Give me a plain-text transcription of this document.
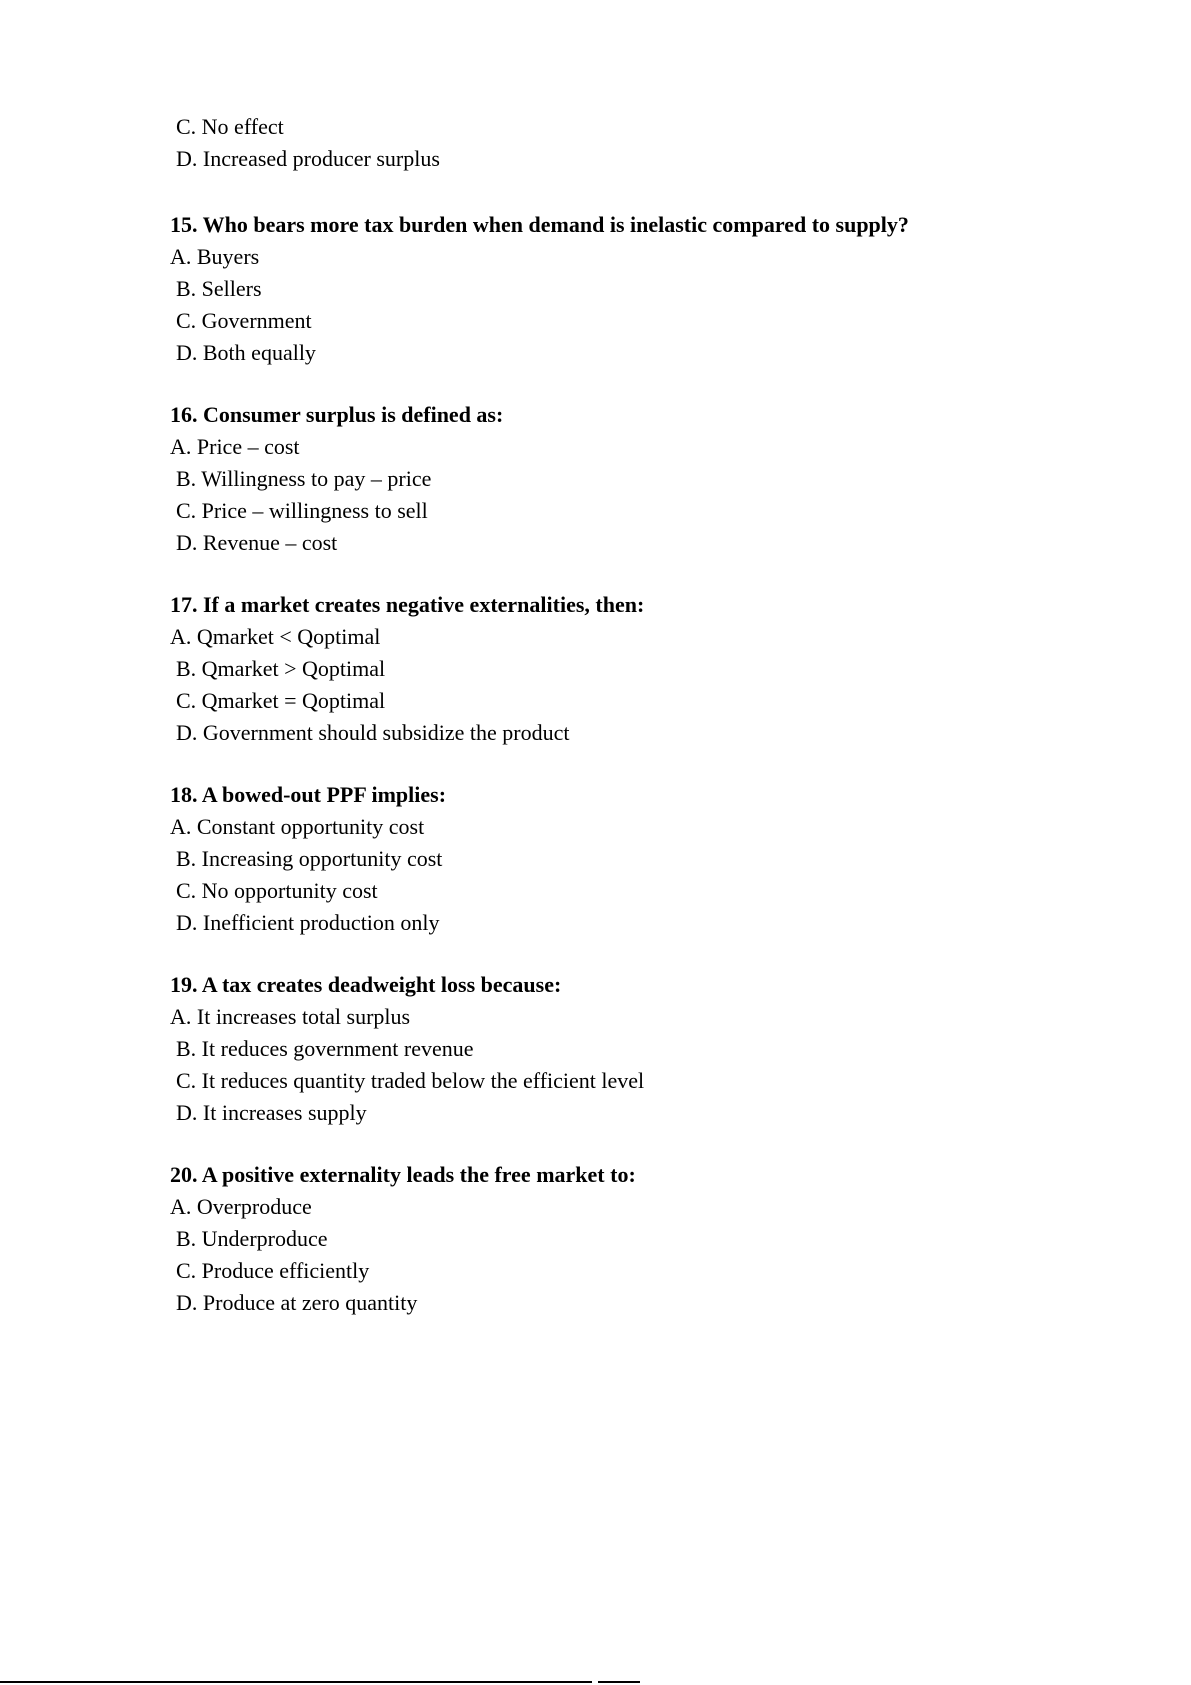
C. No effect
D. Increased producer surplus
15. Who bears more tax burden when demand is inelastic compared to supply?
A. Buyers
B. Sellers
C. Government
D. Both equally
16. Consumer surplus is defined as:
A. Price – cost
B. Willingness to pay – price
C. Price – willingness to sell
D. Revenue – cost
17. If a market creates negative externalities, then:
A. Qmarket < Qoptimal
B. Qmarket > Qoptimal
C. Qmarket = Qoptimal
D. Government should subsidize the product
18. A bowed-out PPF implies:
A. Constant opportunity cost
B. Increasing opportunity cost
C. No opportunity cost
D. Inefficient production only
19. A tax creates deadweight loss because:
A. It increases total surplus
B. It reduces government revenue
C. It reduces quantity traded below the efficient level
D. It increases supply
20. A positive externality leads the free market to:
A. Overproduce
B. Underproduce
C. Produce efficiently
D. Produce at zero quantity
